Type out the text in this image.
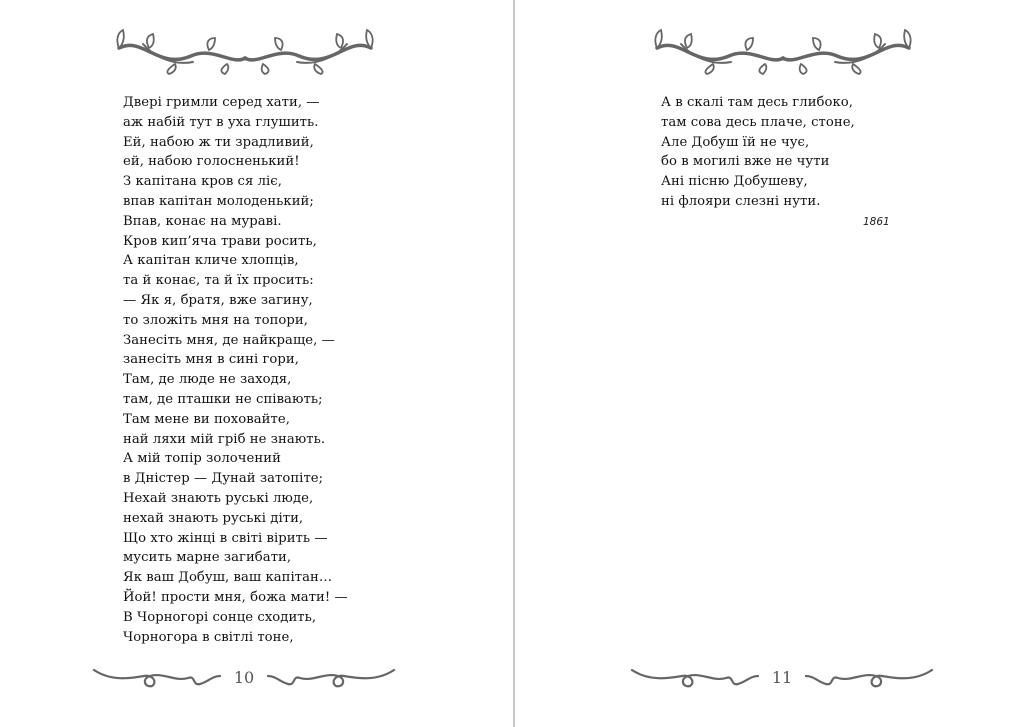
Двері гримли серед хати, —
аж набій тут в уха глушить.
Ей, набою ж ти зрадливий,
ей, набою голосненький!
З капітана кров ся ліє,
впав капітан молоденький;
Впав, конає на мураві.
Кров кип’яча трави росить,
А капітан кличе хлопців,
та й конає, та й їх просить:
— Як я, братя, вже загину,
то зложіть мня на топори,
Занесіть мня, де найкраще, —
занесіть мня в сині гори,
Там, де люде не заходя,
там, де пташки не співають;
Там мене ви поховайте,
най ляхи мій гріб не знають.
А мій топір золочений
в Дністер — Дунай затопіте;
Нехай знають руські люде,
нехай знають руські діти,
Що хто жінці в світі вірить —
мусить марне загибати,
Як ваш Добуш, ваш капітан…
Йой! прости мня, божа мати! —
В Чорногорі сонце сходить,
Чорногора в світлі тоне,
10
А в скалі там десь глибоко,
там сова десь плаче, стоне,
Але Добуш їй не чує,
бо в могилі вже не чути
Ані пісню Добушеву,
ні флояри слезні нути.
1861
11
